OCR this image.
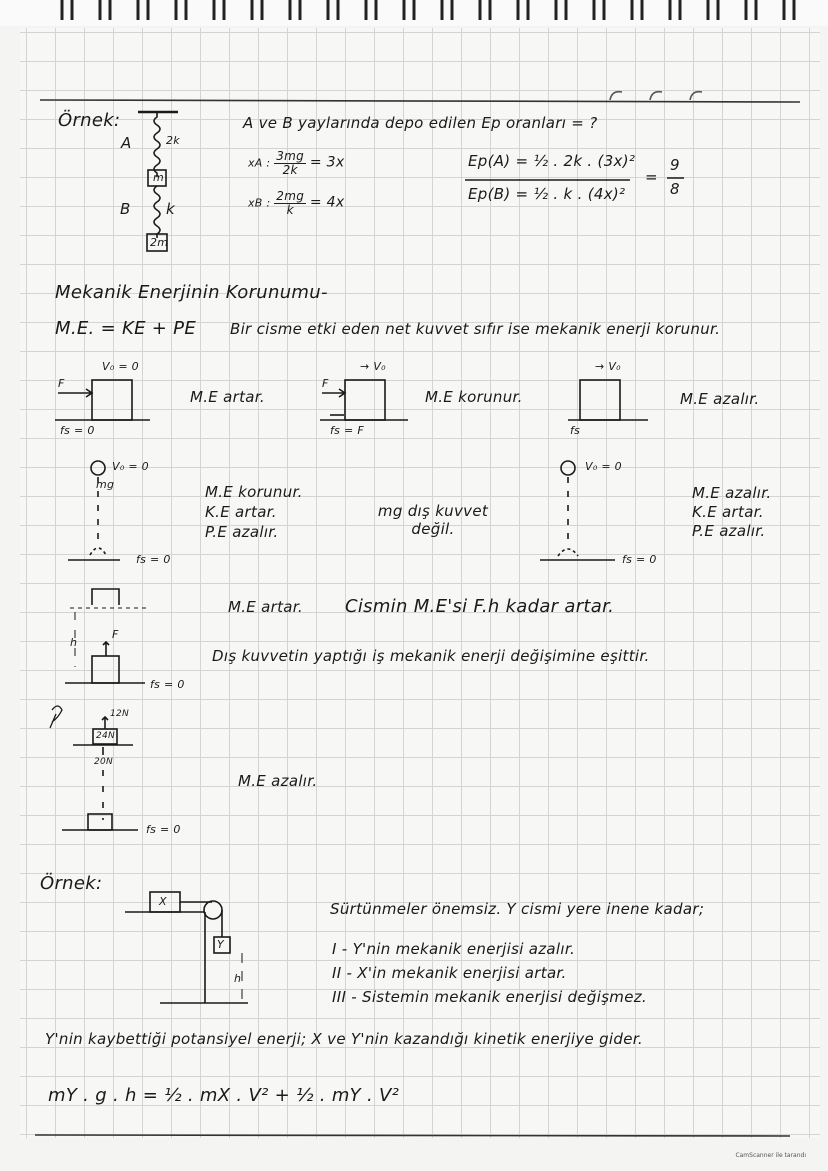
Örnek:
A	2k
m
B k
2m
A ve B yaylarında depo edilen Ep oranları = ?
xA : $\frac{3mg}{2k} = 3x$
xB : $\frac{2mg}{k} = 4x$
Ep(A) = ½ . 2k . (3x)²
Ep(B) = ½ . k . (4x)²
=
9
8
Mekanik Enerjinin Korunumu-
M.E. = KE + PE Bir cisme etki eden net kuvvet sıfır ise mekanik enerji korunur.
V₀ = 0
F
fs = 0
M.E artar.
→ V₀
F
fs = F
M.E korunur.
→ V₀
fs
M.E azalır.
V₀ = 0
mg
fs = 0
M.E korunur.
K.E artar.
P.E azalır.
mg dış kuvvet değil.
V₀ = 0
fs = 0
M.E azalır.
K.E artar.
P.E azalır.
h
F
fs = 0
M.E artar. Cismin M.E'si F.h kadar artar.
Dış kuvvetin yaptığı iş mekanik enerji değişimine eşittir.
12N
24N
20N
fs = 0
M.E azalır.
Örnek:
X
Y
h
Sürtünmeler önemsiz. Y cismi yere inene kadar;
I - Y'nin mekanik enerjisi azalır.
II - X'in mekanik enerjisi artar.
III - Sistemin mekanik enerjisi değişmez.
Y'nin kaybettiği potansiyel enerji; X ve Y'nin kazandığı kinetik enerjiye gider.
mY . g . h = ½ . mX . V² + ½ . mY . V²
CamScanner ile tarandı
